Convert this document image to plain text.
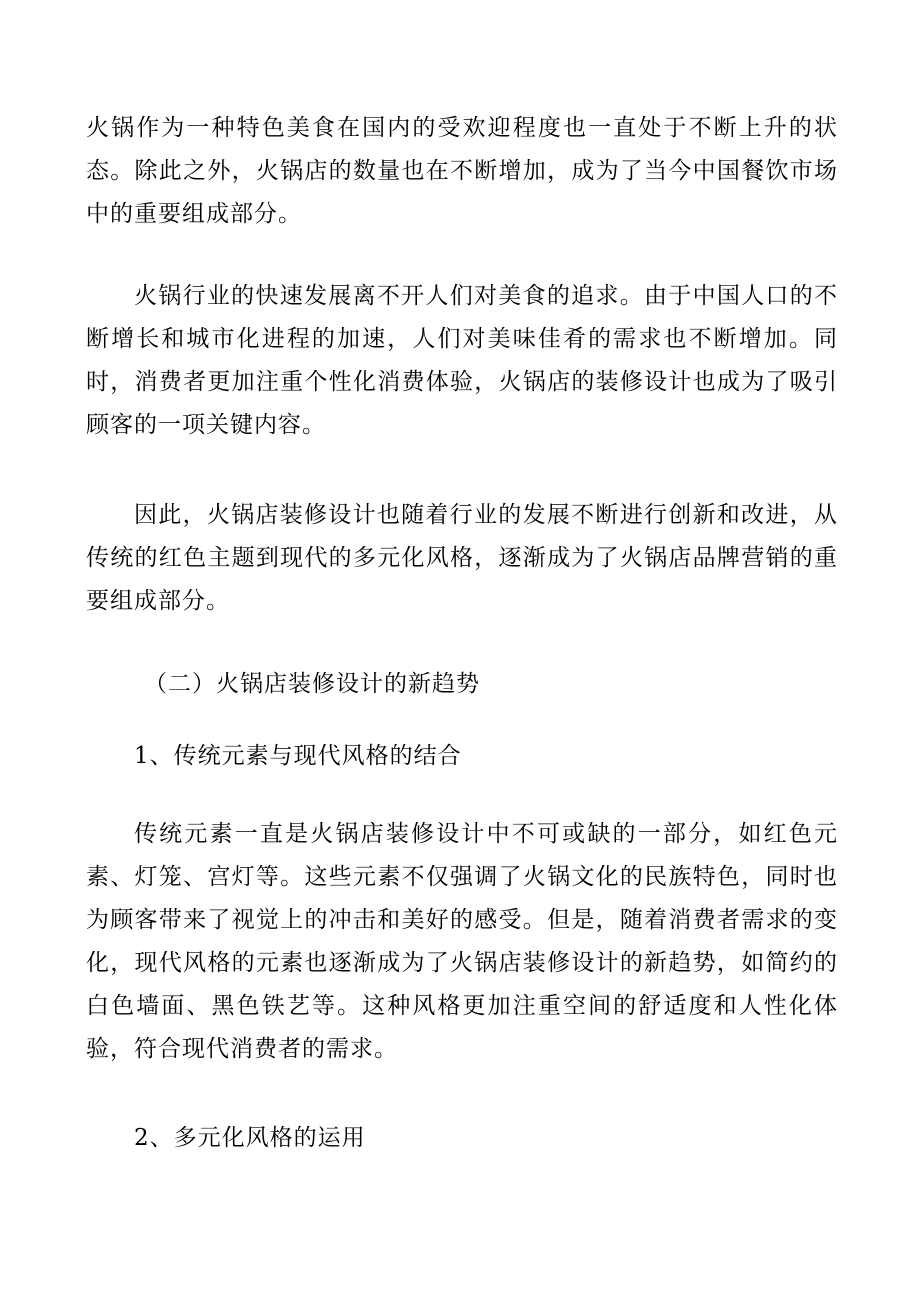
火锅作为一种特色美食在国内的受欢迎程度也一直处于不断上升的状态。除此之外，火锅店的数量也在不断增加，成为了当今中国餐饮市场中的重要组成部分。

火锅行业的快速发展离不开人们对美食的追求。由于中国人口的不断增长和城市化进程的加速，人们对美味佳肴的需求也不断增加。同时，消费者更加注重个性化消费体验，火锅店的装修设计也成为了吸引顾客的一项关键内容。

因此，火锅店装修设计也随着行业的发展不断进行创新和改进，从传统的红色主题到现代的多元化风格，逐渐成为了火锅店品牌营销的重要组成部分。

（二）火锅店装修设计的新趋势

1、传统元素与现代风格的结合

传统元素一直是火锅店装修设计中不可或缺的一部分，如红色元素、灯笼、宫灯等。这些元素不仅强调了火锅文化的民族特色，同时也为顾客带来了视觉上的冲击和美好的感受。但是，随着消费者需求的变化，现代风格的元素也逐渐成为了火锅店装修设计的新趋势，如简约的白色墙面、黑色铁艺等。这种风格更加注重空间的舒适度和人性化体验，符合现代消费者的需求。

2、多元化风格的运用
